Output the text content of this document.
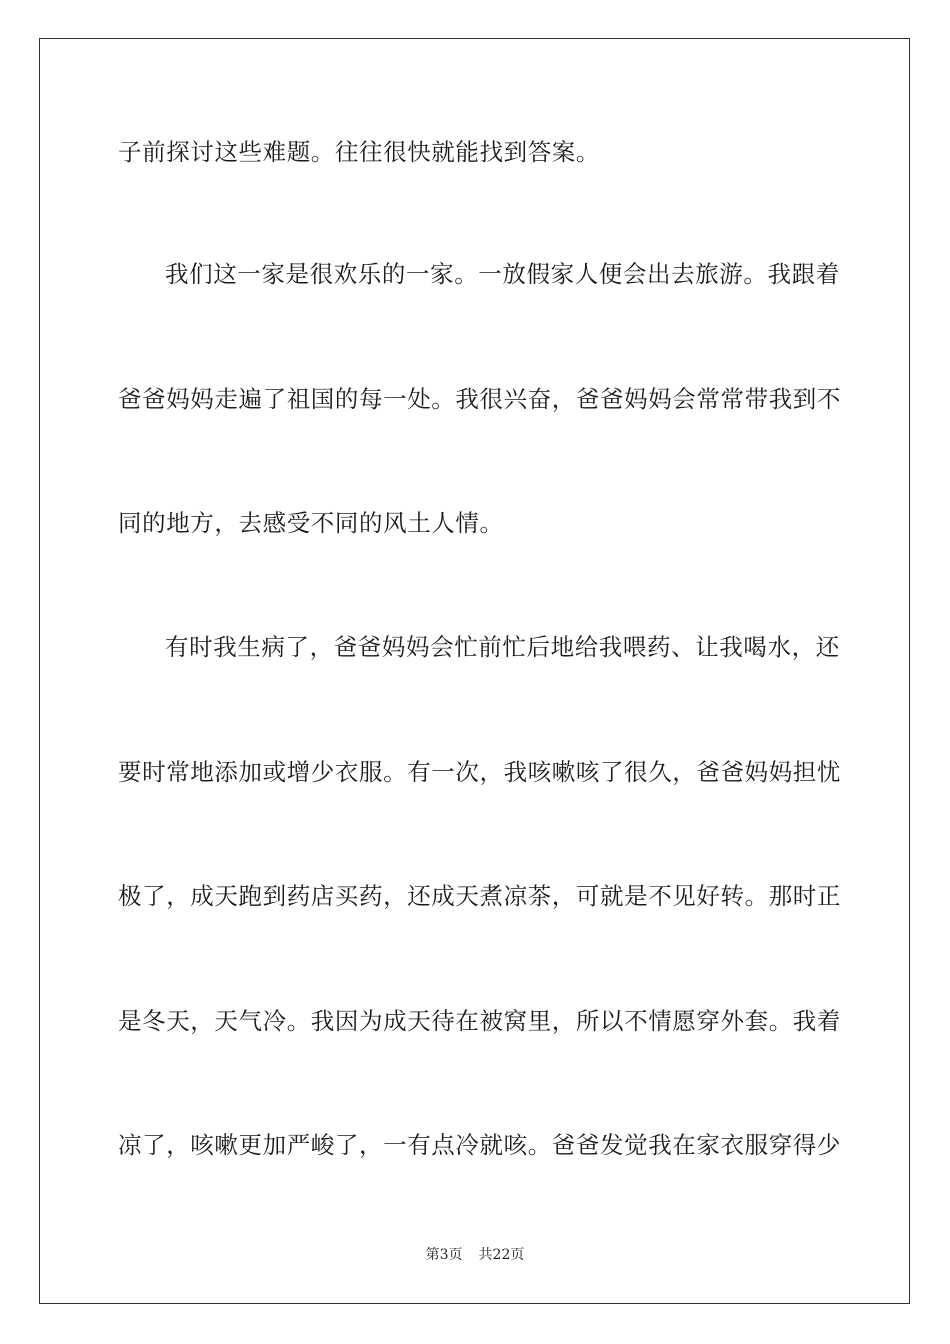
子前探讨这些难题。往往很快就能找到答案。
我们这一家是很欢乐的一家。一放假家人便会出去旅游。我跟着
爸爸妈妈走遍了祖国的每一处。我很兴奋，爸爸妈妈会常常带我到不
同的地方，去感受不同的风土人情。
有时我生病了，爸爸妈妈会忙前忙后地给我喂药、让我喝水，还
要时常地添加或增少衣服。有一次，我咳嗽咳了很久，爸爸妈妈担忧
极了，成天跑到药店买药，还成天煮凉茶，可就是不见好转。那时正
是冬天，天气冷。我因为成天待在被窝里，所以不情愿穿外套。我着
凉了，咳嗽更加严峻了，一有点冷就咳。爸爸发觉我在家衣服穿得少
第3页 共22页
